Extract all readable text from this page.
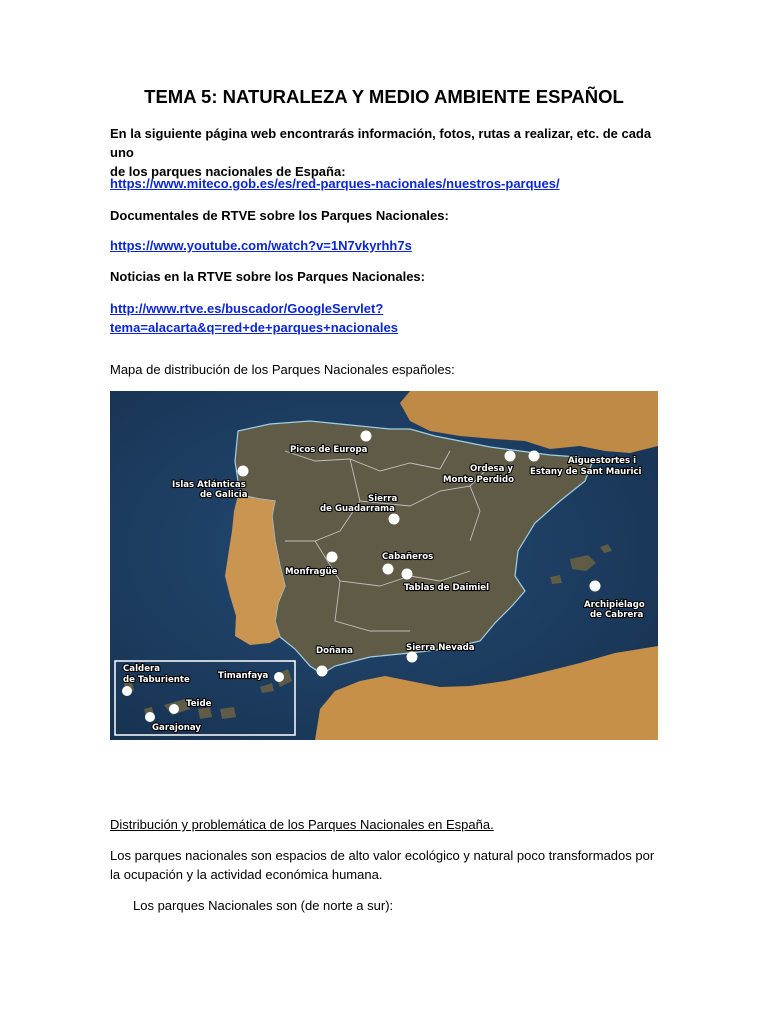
TEMA 5: NATURALEZA Y MEDIO AMBIENTE ESPAÑOL

En la siguiente página web encontrarás información, fotos, rutas a realizar, etc. de cada uno
de los parques nacionales de España:

https://www.miteco.gob.es/es/red-parques-nacionales/nuestros-parques/

Documentales de RTVE sobre los Parques Nacionales:

https://www.youtube.com/watch?v=1N7vkyrhh7s

Noticias en la RTVE sobre los Parques Nacionales:

http://www.rtve.es/buscador/GoogleServlet?tema=alacarta&q=red+de+parques+nacionales

Mapa de distribución de los Parques Nacionales españoles:

Picos de Europa
Islas Atlánticas
de Galicia
Ordesa y
Monte Perdido
Aiguestortes i
Estany de Sant Maurici
Sierra
de Guadarrama
Cabañeros
Monfragüe
Tablas de Daimiel
Archipiélago
de Cabrera
Doñana	Sierra Nevada
Caldera
de Taburiente	Timanfaya
Teide
Garajonay

Distribución y problemática de los Parques Nacionales en España.

Los parques nacionales son espacios de alto valor ecológico y natural poco transformados por
la ocupación y la actividad económica humana.

Los parques Nacionales son (de norte a sur):
